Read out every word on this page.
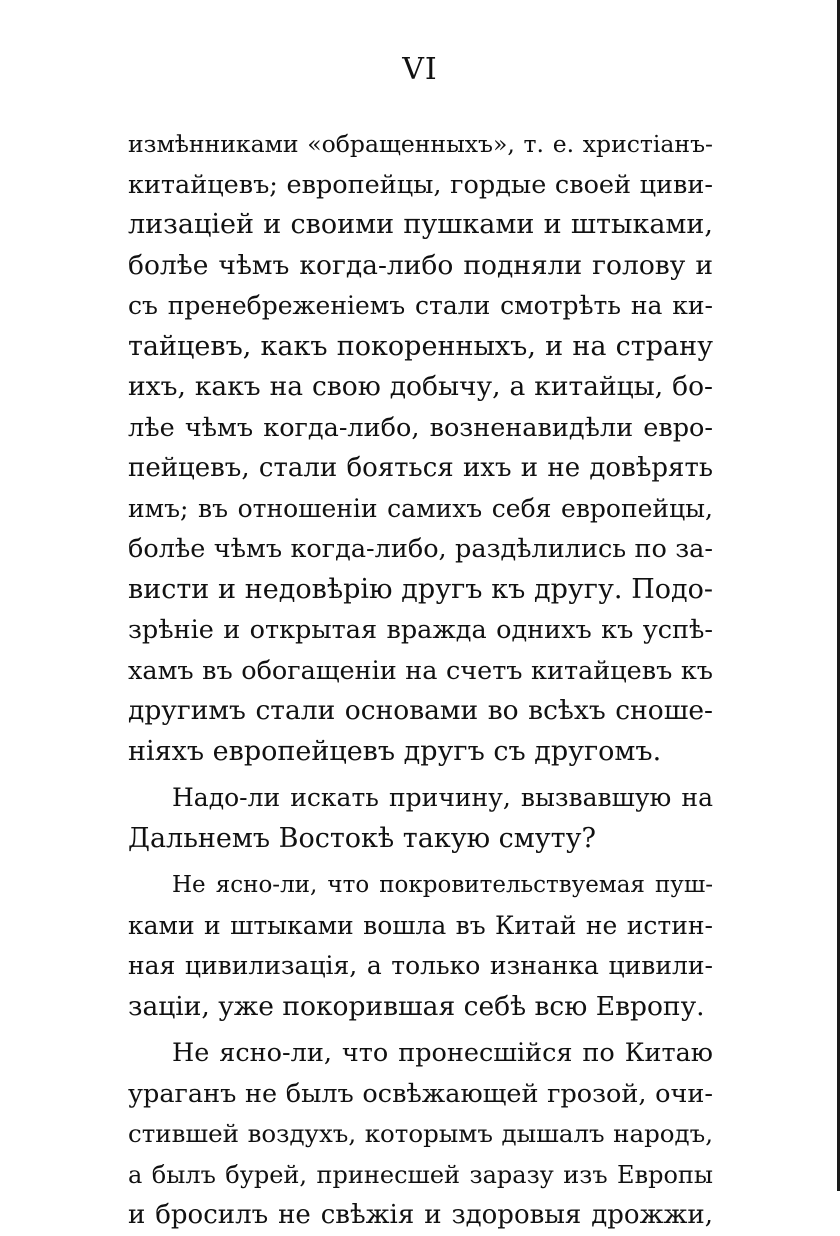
VI
измѣнниками «обращенныхъ», т. е. христіанъ-
китайцевъ; европейцы, гордые своей циви-
лизаціей и своими пушками и штыками,
болѣе чѣмъ когда-либо подняли голову и
съ пренебреженіемъ стали смотрѣть на ки-
тайцевъ, какъ покоренныхъ, и на страну
ихъ, какъ на свою добычу, а китайцы, бо-
лѣе чѣмъ когда-либо, возненавидѣли евро-
пейцевъ, стали бояться ихъ и не довѣрять
имъ; въ отношеніи самихъ себя европейцы,
болѣе чѣмъ когда-либо, раздѣлились по за-
висти и недовѣрію другъ къ другу. Подо-
зрѣніе и открытая вражда однихъ къ успѣ-
хамъ въ обогащеніи на счетъ китайцевъ къ
другимъ стали основами во всѣхъ сноше-
ніяхъ европейцевъ другъ съ другомъ.
Надо-ли искать причину, вызвавшую на
Дальнемъ Востокѣ такую смуту?
Не ясно-ли, что покровительствуемая пуш-
ками и штыками вошла въ Китай не истин-
ная цивилизація, а только изнанка цивили-
заціи, уже покорившая себѣ всю Европу.
Не ясно-ли, что пронесшійся по Китаю
ураганъ не былъ освѣжающей грозой, очи-
стившей воздухъ, которымъ дышалъ народъ,
а былъ бурей, принесшей заразу изъ Европы
и бросилъ не свѣжія и здоровыя дрожжи,
